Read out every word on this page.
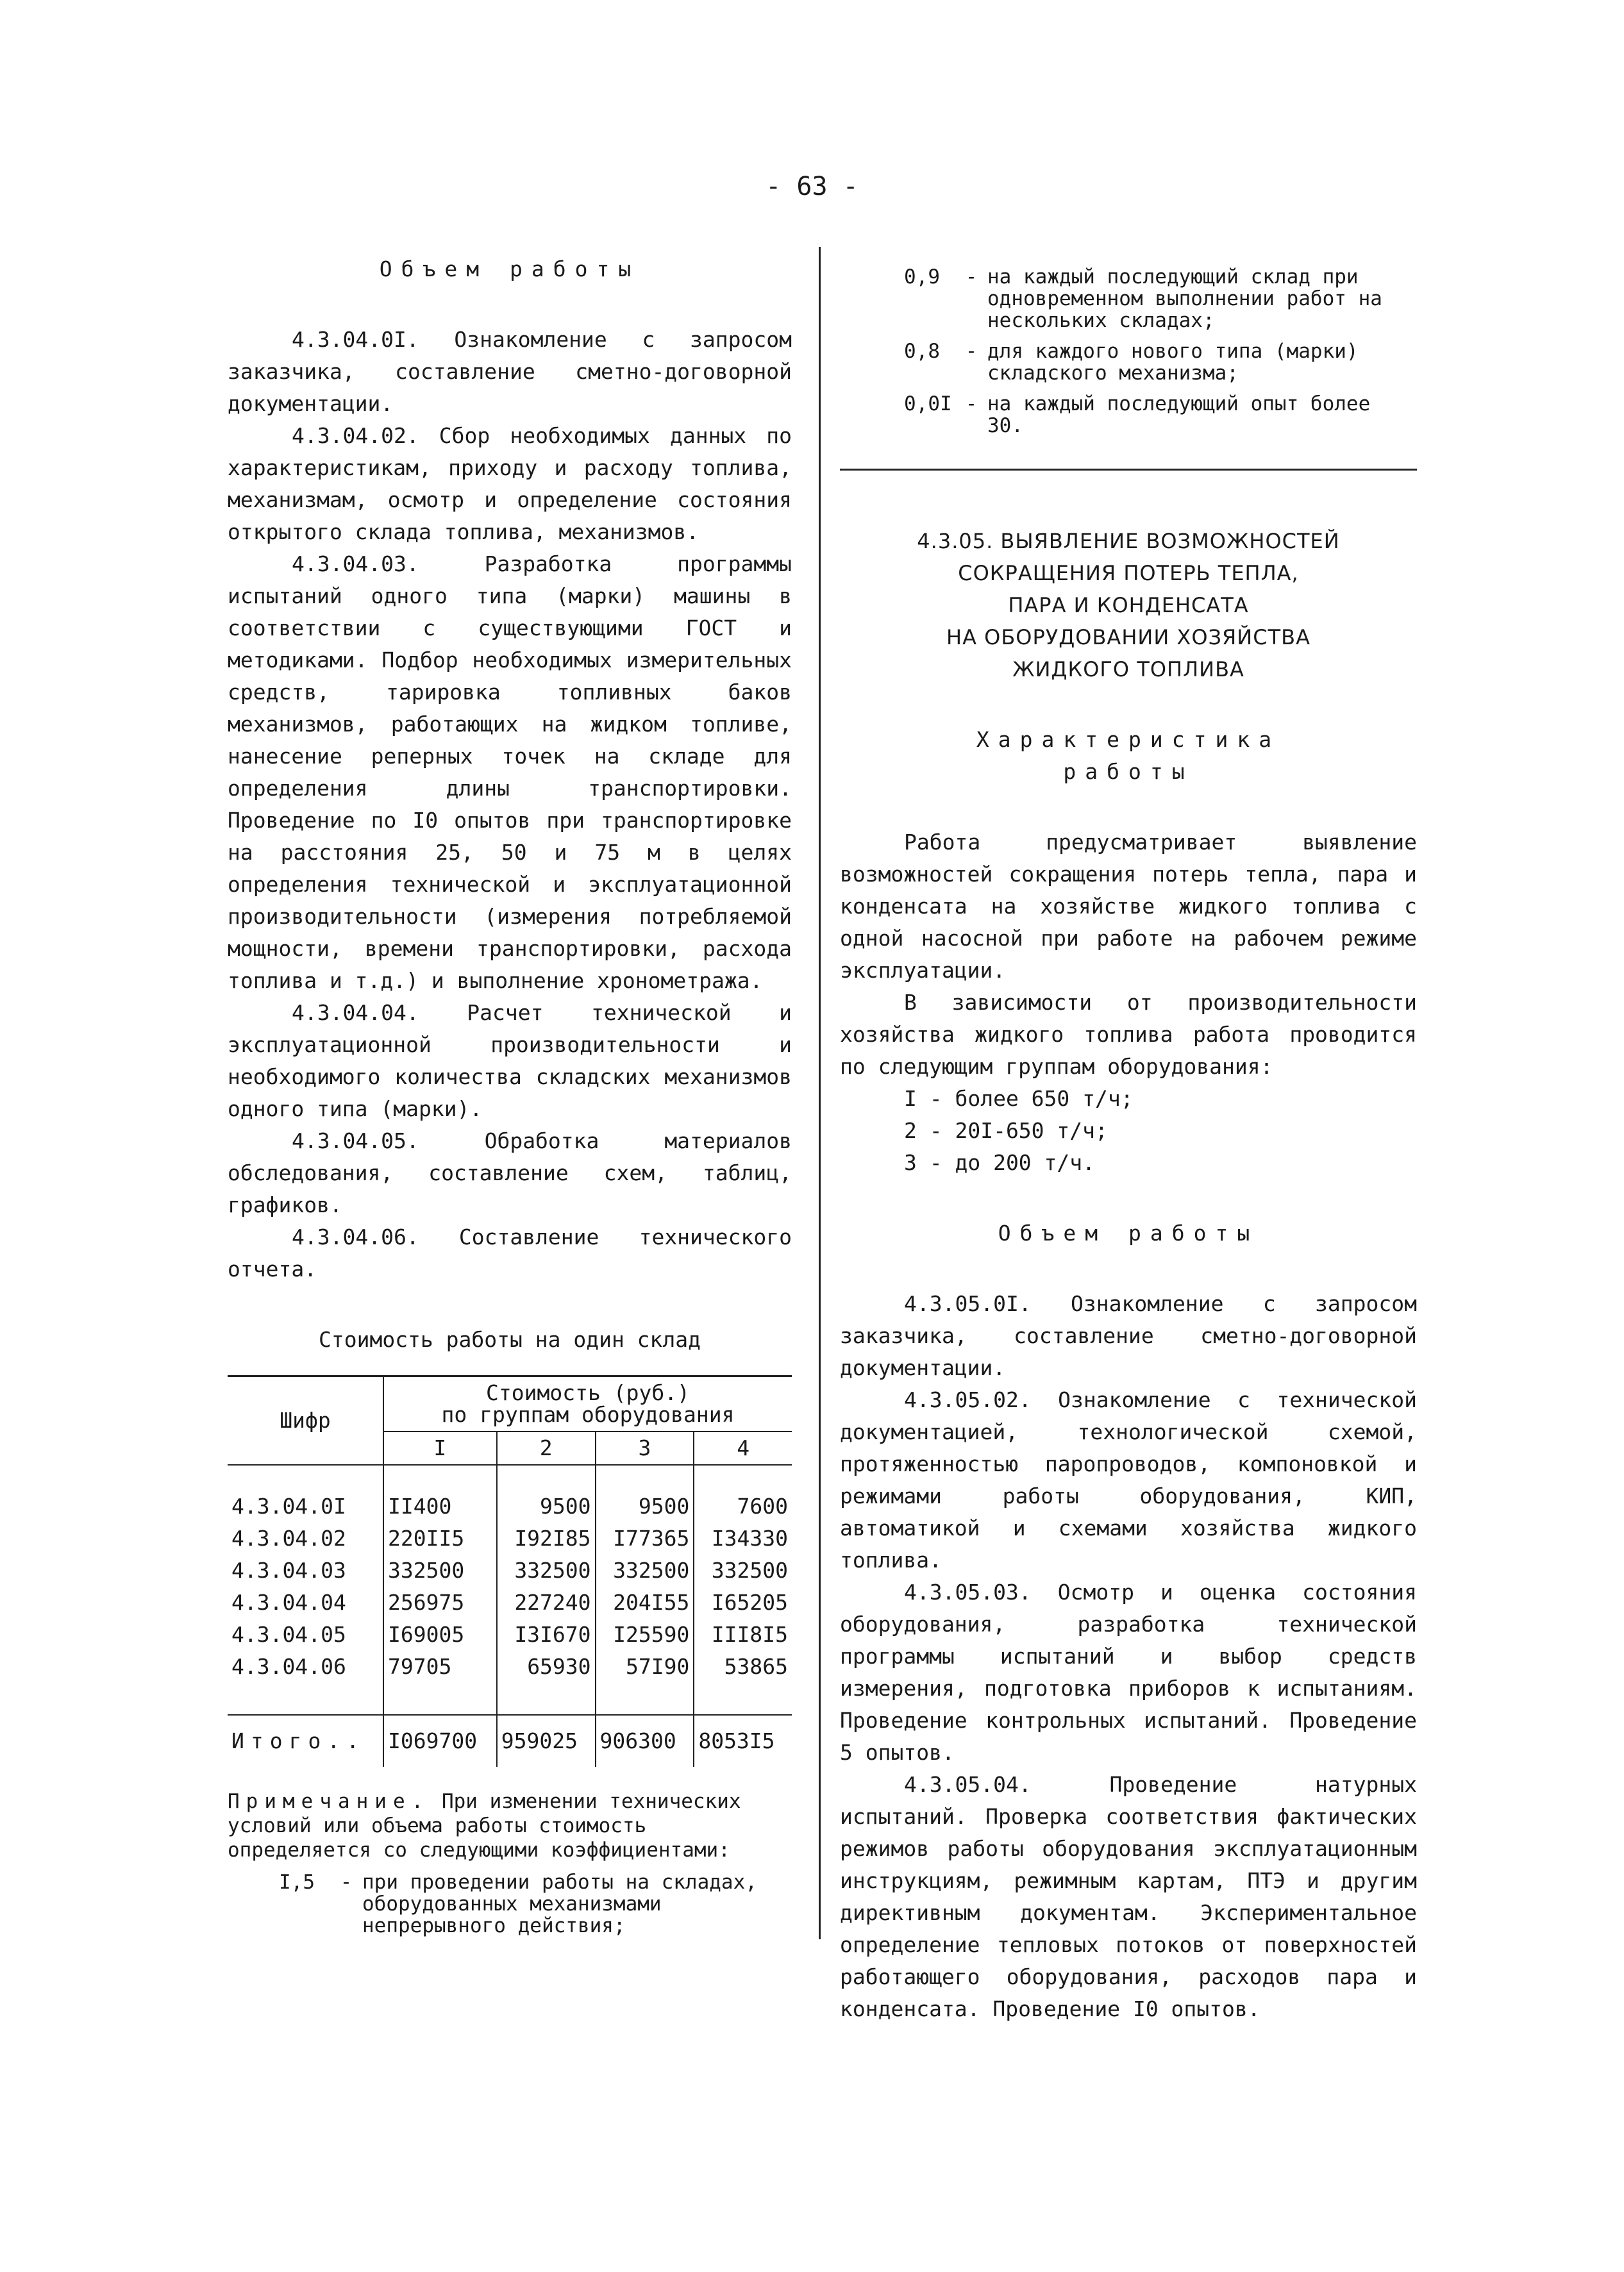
- 63 -

Объем работы

4.3.04.0I. Ознакомление с запросом заказчика, составление сметно-договорной документации.

4.3.04.02. Сбор необходимых данных по характеристикам, приходу и расходу топлива, механизмам, осмотр и определение состояния открытого склада топлива, механизмов.

4.3.04.03. Разработка программы испытаний одного типа (марки) машины в соответствии с существующими ГОСТ и методиками. Подбор необходимых измерительных средств, тарировка топливных баков механизмов, работающих на жидком топливе, нанесение реперных точек на складе для определения длины транспортировки. Проведение по I0 опытов при транспортировке на расстояния 25, 50 и 75 м в целях определения технической и эксплуатационной производительности (измерения потребляемой мощности, времени транспортировки, расхода топлива и т.д.) и выполнение хронометража.

4.3.04.04. Расчет технической и эксплуатационной производительности и необходимого количества складских механизмов одного типа (марки).

4.3.04.05. Обработка материалов обследования, составление схем, таблиц, графиков.

4.3.04.06. Составление технического отчета.

Стоимость работы на один склад

Шифр	Стоимость (руб.)
по группам оборудования			
	I	2	3	4

4.3.04.0I	II400	9500	9500	7600
4.3.04.02	220II5	I92I85	I77365	I34330
4.3.04.03	332500	332500	332500	332500
4.3.04.04	256975	227240	204I55	I65205
4.3.04.05	I69005	I3I670	I25590	III8I5
4.3.04.06	79705	65930	57I90	53865

Итого..	I069700	959025	906300	8053I5
Примечание. При изменении технических условий или объема работы стоимость определяется со следующими коэффициентами:
I,5	- при проведении работы на складах, оборудованных механизмами непрерывного действия;
0,9	- на каждый последующий склад при одновременном выполнении работ на нескольких складах;
0,8	- для каждого нового типа (марки) складского механизма;
0,0I - на каждый последующий опыт более 30.
4.3.05. ВЫЯВЛЕНИЕ ВОЗМОЖНОСТЕЙ
СОКРАЩЕНИЯ ПОТЕРЬ ТЕПЛА,
ПАРА И КОНДЕНСАТА
НА ОБОРУДОВАНИИ ХОЗЯЙСТВА
ЖИДКОГО ТОПЛИВА

Характеристика

работы

Работа предусматривает выявление возможностей сокращения потерь тепла, пара и конденсата на хозяйстве жидкого топлива с одной насосной при работе на рабочем режиме эксплуатации.

В зависимости от производительности хозяйства жидкого топлива работа проводится по следующим группам оборудования:

I - более 650 т/ч;
2 - 20I-650 т/ч;
3 - до 200 т/ч.

Объем работы

4.3.05.0I. Ознакомление с запросом заказчика, составление сметно-договорной документации.

4.3.05.02. Ознакомление с технической документацией, технологической схемой, протяженностью паропроводов, компоновкой и режимами работы оборудования, КИП, автоматикой и схемами хозяйства жидкого топлива.

4.3.05.03. Осмотр и оценка состояния оборудования, разработка технической программы испытаний и выбор средств измерения, подготовка приборов к испытаниям. Проведение контрольных испытаний. Проведение 5 опытов.

4.3.05.04. Проведение натурных испытаний. Проверка соответствия фактических режимов работы оборудования эксплуатационным инструкциям, режимным картам, ПТЭ и другим директивным документам. Экспериментальное определение тепловых потоков от поверхностей работающего оборудования, расходов пара и конденсата. Проведение I0 опытов.
